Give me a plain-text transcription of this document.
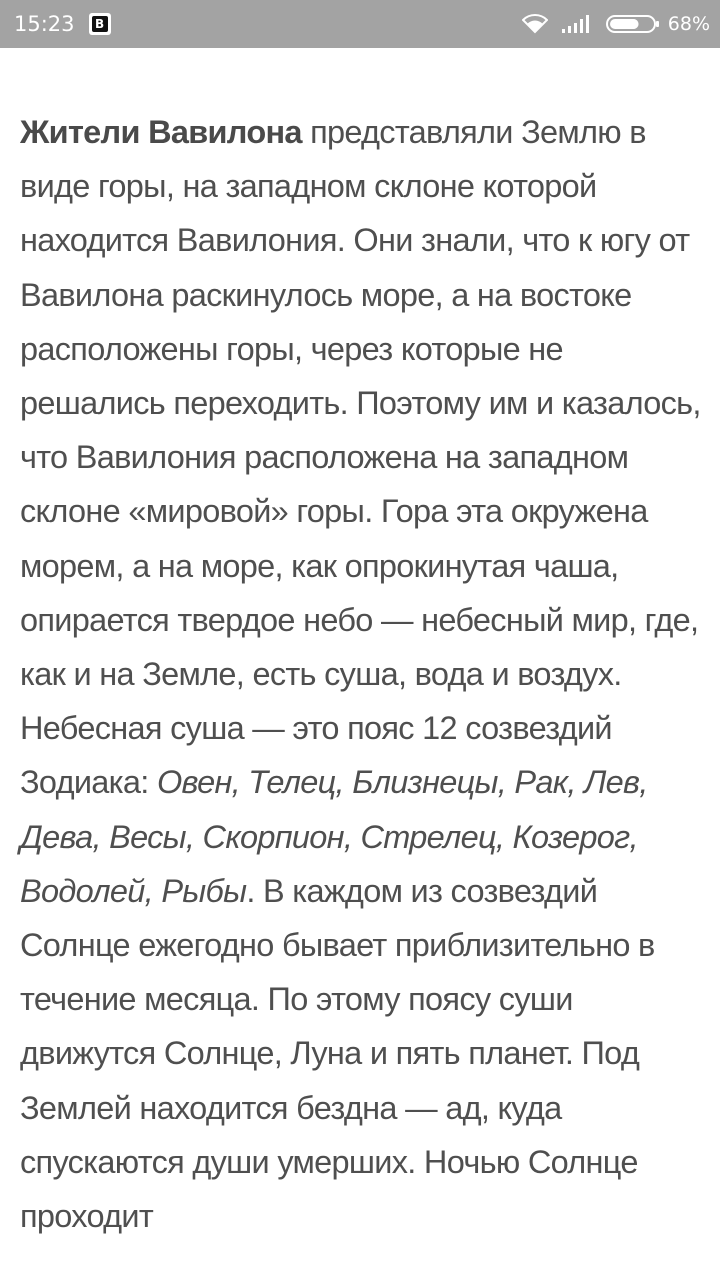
15:23 B	68%

Жители Вавилона представляли Землю в виде горы, на западном склоне которой находится Вавилония. Они знали, что к югу от Вавилона раскинулось море, а на востоке расположены горы, через которые не решались переходить. Поэтому им и казалось, что Вавилония расположена на западном склоне «мировой» горы. Гора эта окружена морем, а на море, как опрокинутая чаша, опирается твердое небо — небесный мир, где, как и на Земле, есть суша, вода и воздух. Небесная суша — это пояс 12 созвездий Зодиака: Овен, Телец, Близнецы, Рак, Лев, Дева, Весы, Скорпион, Стрелец, Козерог, Водолей, Рыбы. В каждом из созвездий Солнце ежегодно бывает приблизительно в течение месяца. По этому поясу суши движутся Солнце, Луна и пять планет. Под Землей находится бездна — ад, куда спускаются души умерших. Ночью Солнце проходит
